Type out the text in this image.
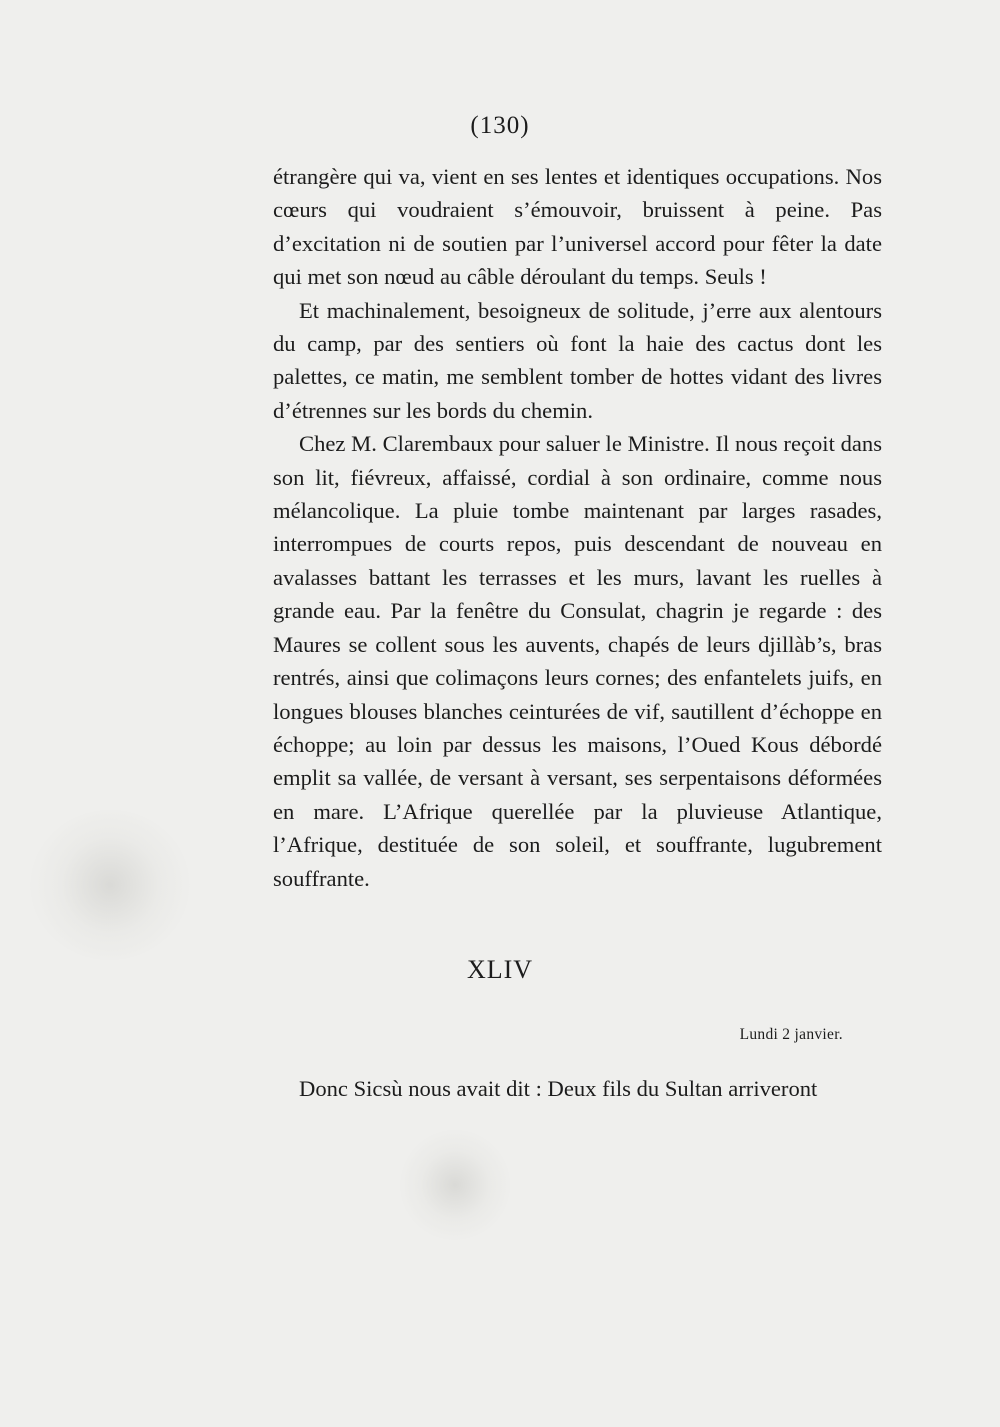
(130)

étrangère qui va, vient en ses lentes et identiques occupations. Nos cœurs qui voudraient s’émouvoir, bruissent à peine. Pas d’excitation ni de soutien par l’universel accord pour fêter la date qui met son nœud au câble déroulant du temps. Seuls !

Et machinalement, besoigneux de solitude, j’erre aux alentours du camp, par des sentiers où font la haie des cactus dont les palettes, ce matin, me semblent tomber de hottes vidant des livres d’étrennes sur les bords du chemin.

Chez M. Clarembaux pour saluer le Ministre. Il nous reçoit dans son lit, fiévreux, affaissé, cordial à son ordinaire, comme nous mélancolique. La pluie tombe maintenant par larges rasades, interrompues de courts repos, puis descendant de nouveau en avalasses battant les terrasses et les murs, lavant les ruelles à grande eau. Par la fenêtre du Consulat, chagrin je regarde : des Maures se collent sous les auvents, chapés de leurs djillàb’s, bras rentrés, ainsi que colimaçons leurs cornes; des enfantelets juifs, en longues blouses blanches ceinturées de vif, sautillent d’échoppe en échoppe; au loin par dessus les maisons, l’Oued Kous débordé emplit sa vallée, de versant à versant, ses serpentaisons déformées en mare. L’Afrique querellée par la pluvieuse Atlantique, l’Afrique, destituée de son soleil, et souffrante, lugubrement souffrante.

XLIV
Lundi 2 janvier.

Donc Sicsù nous avait dit : Deux fils du Sultan arriveront
